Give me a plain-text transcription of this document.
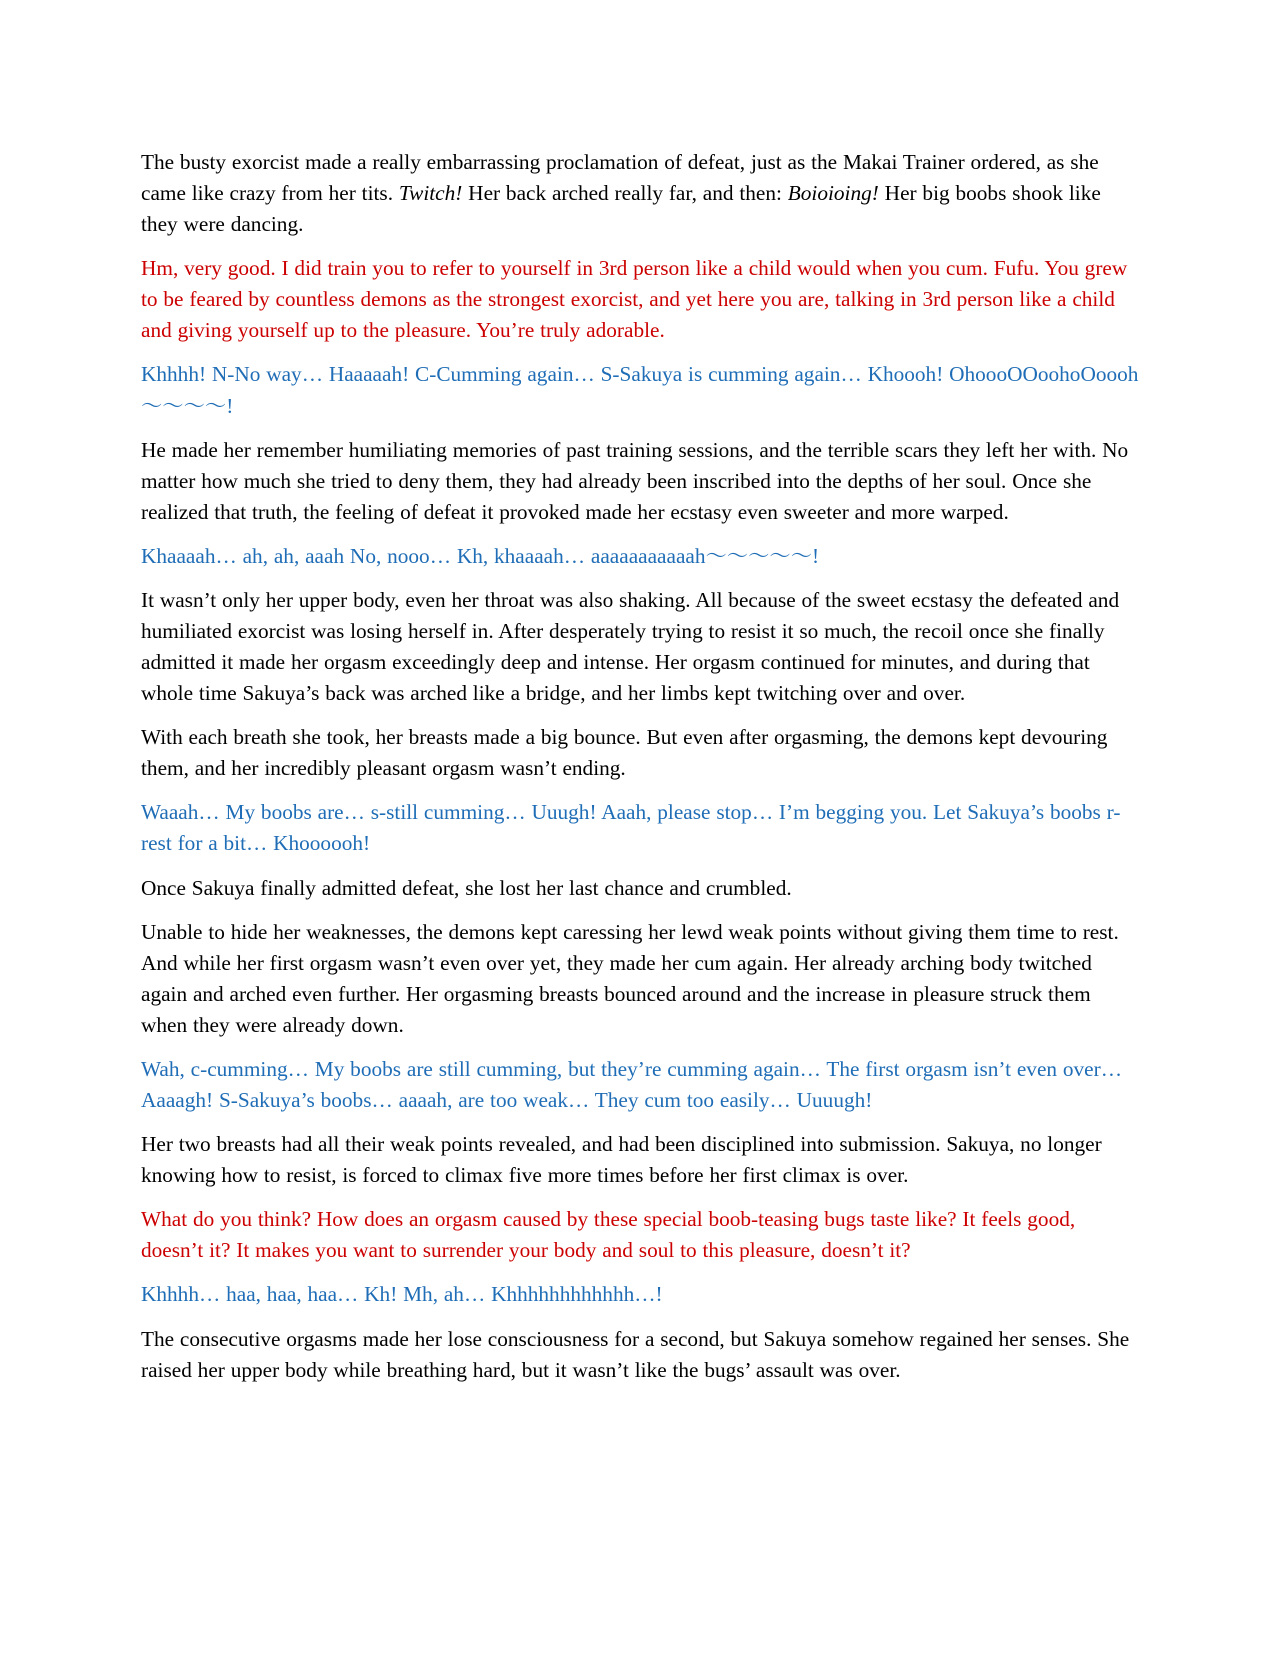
The busty exorcist made a really embarrassing proclamation of defeat, just as the Makai Trainer ordered, as she came like crazy from her tits. Twitch! Her back arched really far, and then: Boioioing! Her big boobs shook like they were dancing.

Hm, very good. I did train you to refer to yourself in 3rd person like a child would when you cum. Fufu. You grew to be feared by countless demons as the strongest exorcist, and yet here you are, talking in 3rd person like a child and giving yourself up to the pleasure. You’re truly adorable.

Khhhh! N-No way… Haaaaah! C-Cumming again… S-Sakuya is cumming again… Khoooh! OhoooOOoohoOoooh～～～～!

He made her remember humiliating memories of past training sessions, and the terrible scars they left her with. No matter how much she tried to deny them, they had already been inscribed into the depths of her soul. Once she realized that truth, the feeling of defeat it provoked made her ecstasy even sweeter and more warped.

Khaaaah… ah, ah, aaah No, nooo… Kh, khaaaah… aaaaaaaaaaah～～～～～!

It wasn’t only her upper body, even her throat was also shaking. All because of the sweet ecstasy the defeated and humiliated exorcist was losing herself in. After desperately trying to resist it so much, the recoil once she finally admitted it made her orgasm exceedingly deep and intense. Her orgasm continued for minutes, and during that whole time Sakuya’s back was arched like a bridge, and her limbs kept twitching over and over.

With each breath she took, her breasts made a big bounce. But even after orgasming, the demons kept devouring them, and her incredibly pleasant orgasm wasn’t ending.

Waaah… My boobs are… s-still cumming… Uuugh! Aaah, please stop… I’m begging you. Let Sakuya’s boobs r-rest for a bit… Khoooooh!

Once Sakuya finally admitted defeat, she lost her last chance and crumbled.

Unable to hide her weaknesses, the demons kept caressing her lewd weak points without giving them time to rest. And while her first orgasm wasn’t even over yet, they made her cum again. Her already arching body twitched again and arched even further. Her orgasming breasts bounced around and the increase in pleasure struck them when they were already down.

Wah, c-cumming… My boobs are still cumming, but they’re cumming again… The first orgasm isn’t even over… Aaaagh! S-Sakuya’s boobs… aaaah, are too weak… They cum too easily… Uuuugh!

Her two breasts had all their weak points revealed, and had been disciplined into submission. Sakuya, no longer knowing how to resist, is forced to climax five more times before her first climax is over.

What do you think? How does an orgasm caused by these special boob-teasing bugs taste like? It feels good, doesn’t it? It makes you want to surrender your body and soul to this pleasure, doesn’t it?

Khhhh… haa, haa, haa… Kh! Mh, ah… Khhhhhhhhhhhh…!

The consecutive orgasms made her lose consciousness for a second, but Sakuya somehow regained her senses. She raised her upper body while breathing hard, but it wasn’t like the bugs’ assault was over.
